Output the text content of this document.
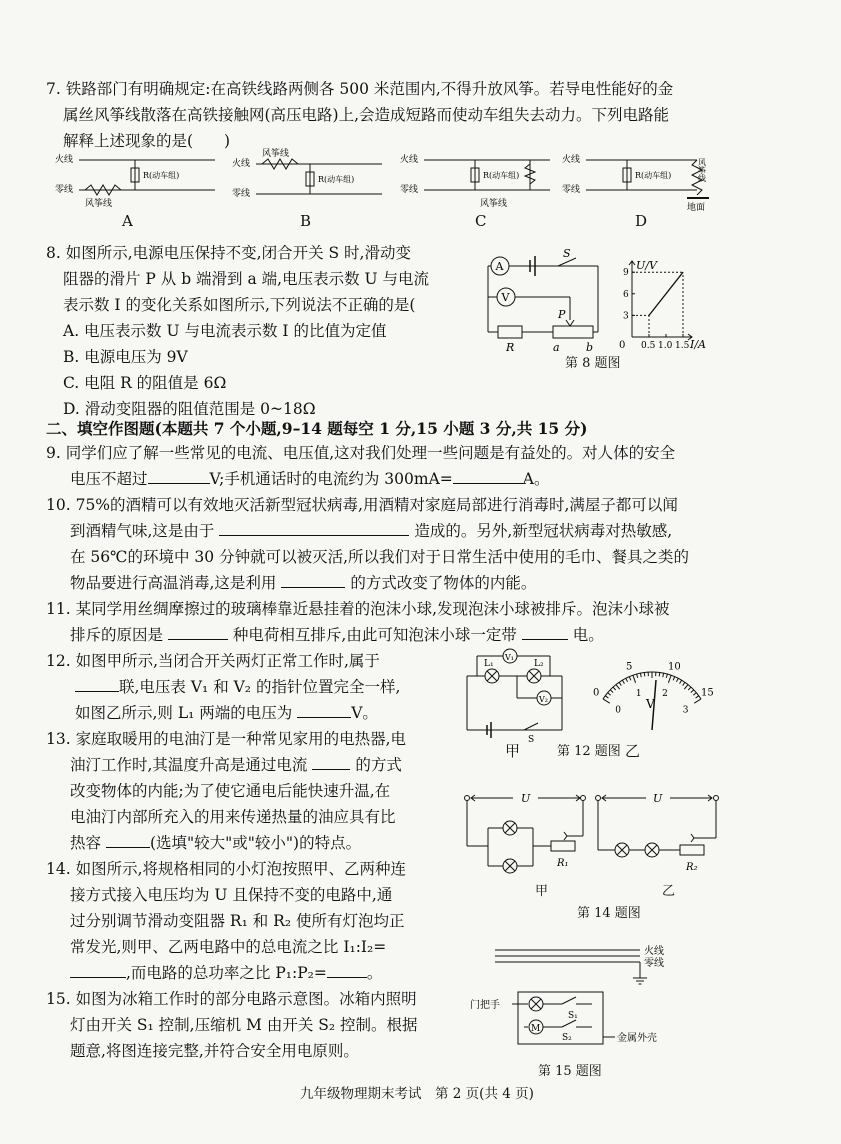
7. 铁路部门有明确规定:在高铁线路两侧各 500 米范围内,不得升放风筝。若导电性能好的金
属丝风筝线散落在高铁接触网(高压电路)上,会造成短路而使动车组失去动力。下列电路能
解释上述现象的是(　　)
火线
零线
风筝线
R(动车组)
A
火线
零线
风筝线
R(动车组)
B
火线
零线
R(动车组)
风筝线
C
火线
零线
R(动车组)	风筝线
地面
D
8. 如图所示,电源电压保持不变,闭合开关 S 时,滑动变
阻器的滑片 P 从 b 端滑到 a 端,电压表示数 U 与电流
表示数 I 的变化关系如图所示,下列说法不正确的是(
A. 电压表示数 U 与电流表示数 I 的比值为定值
B. 电源电压为 9V
C. 电阻 R 的阻值是 6Ω
D. 滑动变阻器的阻值范围是 0~18Ω
A
S
V
R
P
a b
U/V
I/A
0 0.5 1.0 1.5
3
6
9
第 8 题图
二、填空作图题(本题共 7 个小题,9–14 题每空 1 分,15 小题 3 分,共 15 分)
9. 同学们应了解一些常见的电流、电压值,这对我们处理一些问题是有益处的。对人体的安全
电压不超过	V;手机通话时的电流约为 300mA=	A。
10. 75%的酒精可以有效地灭活新型冠状病毒,用酒精对家庭局部进行消毒时,满屋子都可以闻
到酒精气味,这是由于	造成的。另外,新型冠状病毒对热敏感,
在 56℃的环境中 30 分钟就可以被灭活,所以我们对于日常生活中使用的毛巾、餐具之类的
物品要进行高温消毒,这是利用	的方式改变了物体的内能。
11. 某同学用丝绸摩擦过的玻璃棒靠近悬挂着的泡沫小球,发现泡沫小球被排斥。泡沫小球被
排斥的原因是	种电荷相互排斥,由此可知泡沫小球一定带	电。
12. 如图甲所示,当闭合开关两灯正常工作时,属于
联,电压表 V₁ 和 V₂ 的指针位置完全一样,
如图乙所示,则 L₁ 两端的电压为	V。
L₁	L₂
V₁
V₂
S
甲
0
5	10
15
0
1 2
3
V
乙
第 12 题图
13. 家庭取暖用的电油汀是一种常见家用的电热器,电
油汀工作时,其温度升高是通过电流	的方式
改变物体的内能;为了使它通电后能快速升温,在
电油汀内部所充入的用来传递热量的油应具有比
热容	(选填"较大"或"较小")的特点。
14. 如图所示,将规格相同的小灯泡按照甲、乙两种连
接方式接入电压均为 U 且保持不变的电路中,通
过分别调节滑动变阻器 R₁ 和 R₂ 使所有灯泡均正
常发光,则甲、乙两电路中的总电流之比 I₁:I₂=
,而电路的总功率之比 P₁:P₂=	。
U
R₁
甲
U
R₂
乙
第 14 题图
15. 如图为冰箱工作时的部分电路示意图。冰箱内照明
灯由开关 S₁ 控制,压缩机 M 由开关 S₂ 控制。根据
题意,将图连接完整,并符合安全用电原则。
火线
零线
门把手
S₁
M
S₂	金属外壳
第 15 题图
九年级物理期末考试　第 2 页(共 4 页)
